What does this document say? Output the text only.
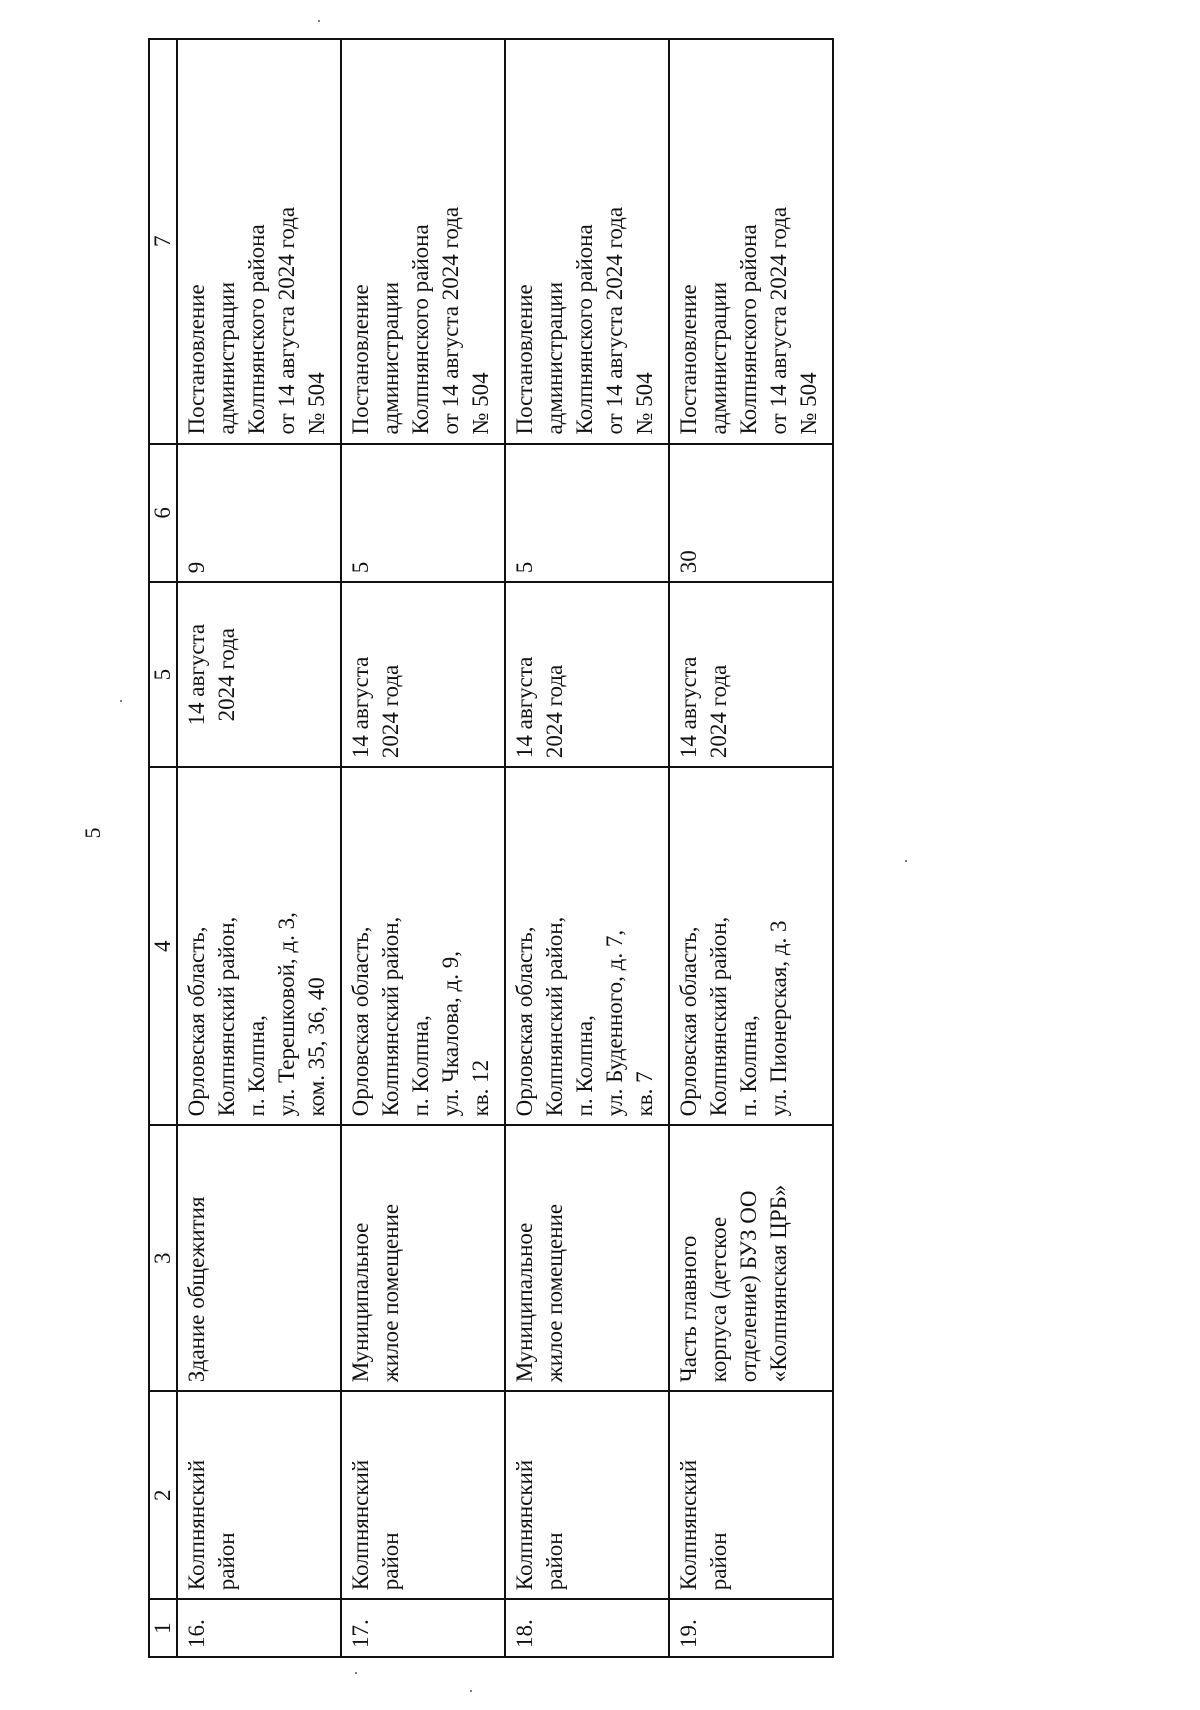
5
1	2	3	4	5	6	7
16.	Колпнянский район	Здание общежития	Орловская область, Колпнянский район, п. Колпна, ул. Терешковой, д. 3, ком. 35, 36, 40	14 августа 2024 года	9	Постановление администрации Колпнянского района от 14 августа 2024 года № 504

17.	Колпнянский район	Муниципальное жилое помещение	Орловская область, Колпнянский район, п. Колпна, ул. Чкалова, д. 9, кв. 12	14 августа 2024 года	5	Постановление администрации Колпнянского района от 14 августа 2024 года № 504

18.	Колпнянский район	Муниципальное жилое помещение	Орловская область, Колпнянский район, п. Колпна, ул. Буденного, д. 7, кв. 7	14 августа 2024 года	5	Постановление администрации Колпнянского района от 14 августа 2024 года № 504

19.	Колпнянский район	Часть главного корпуса (детское отделение) БУЗ ОО «Колпнянская ЦРБ»	Орловская область, Колпнянский район, п. Колпна, ул. Пионерская, д. 3	14 августа 2024 года	30	Постановление администрации Колпнянского района от 14 августа 2024 года № 504
